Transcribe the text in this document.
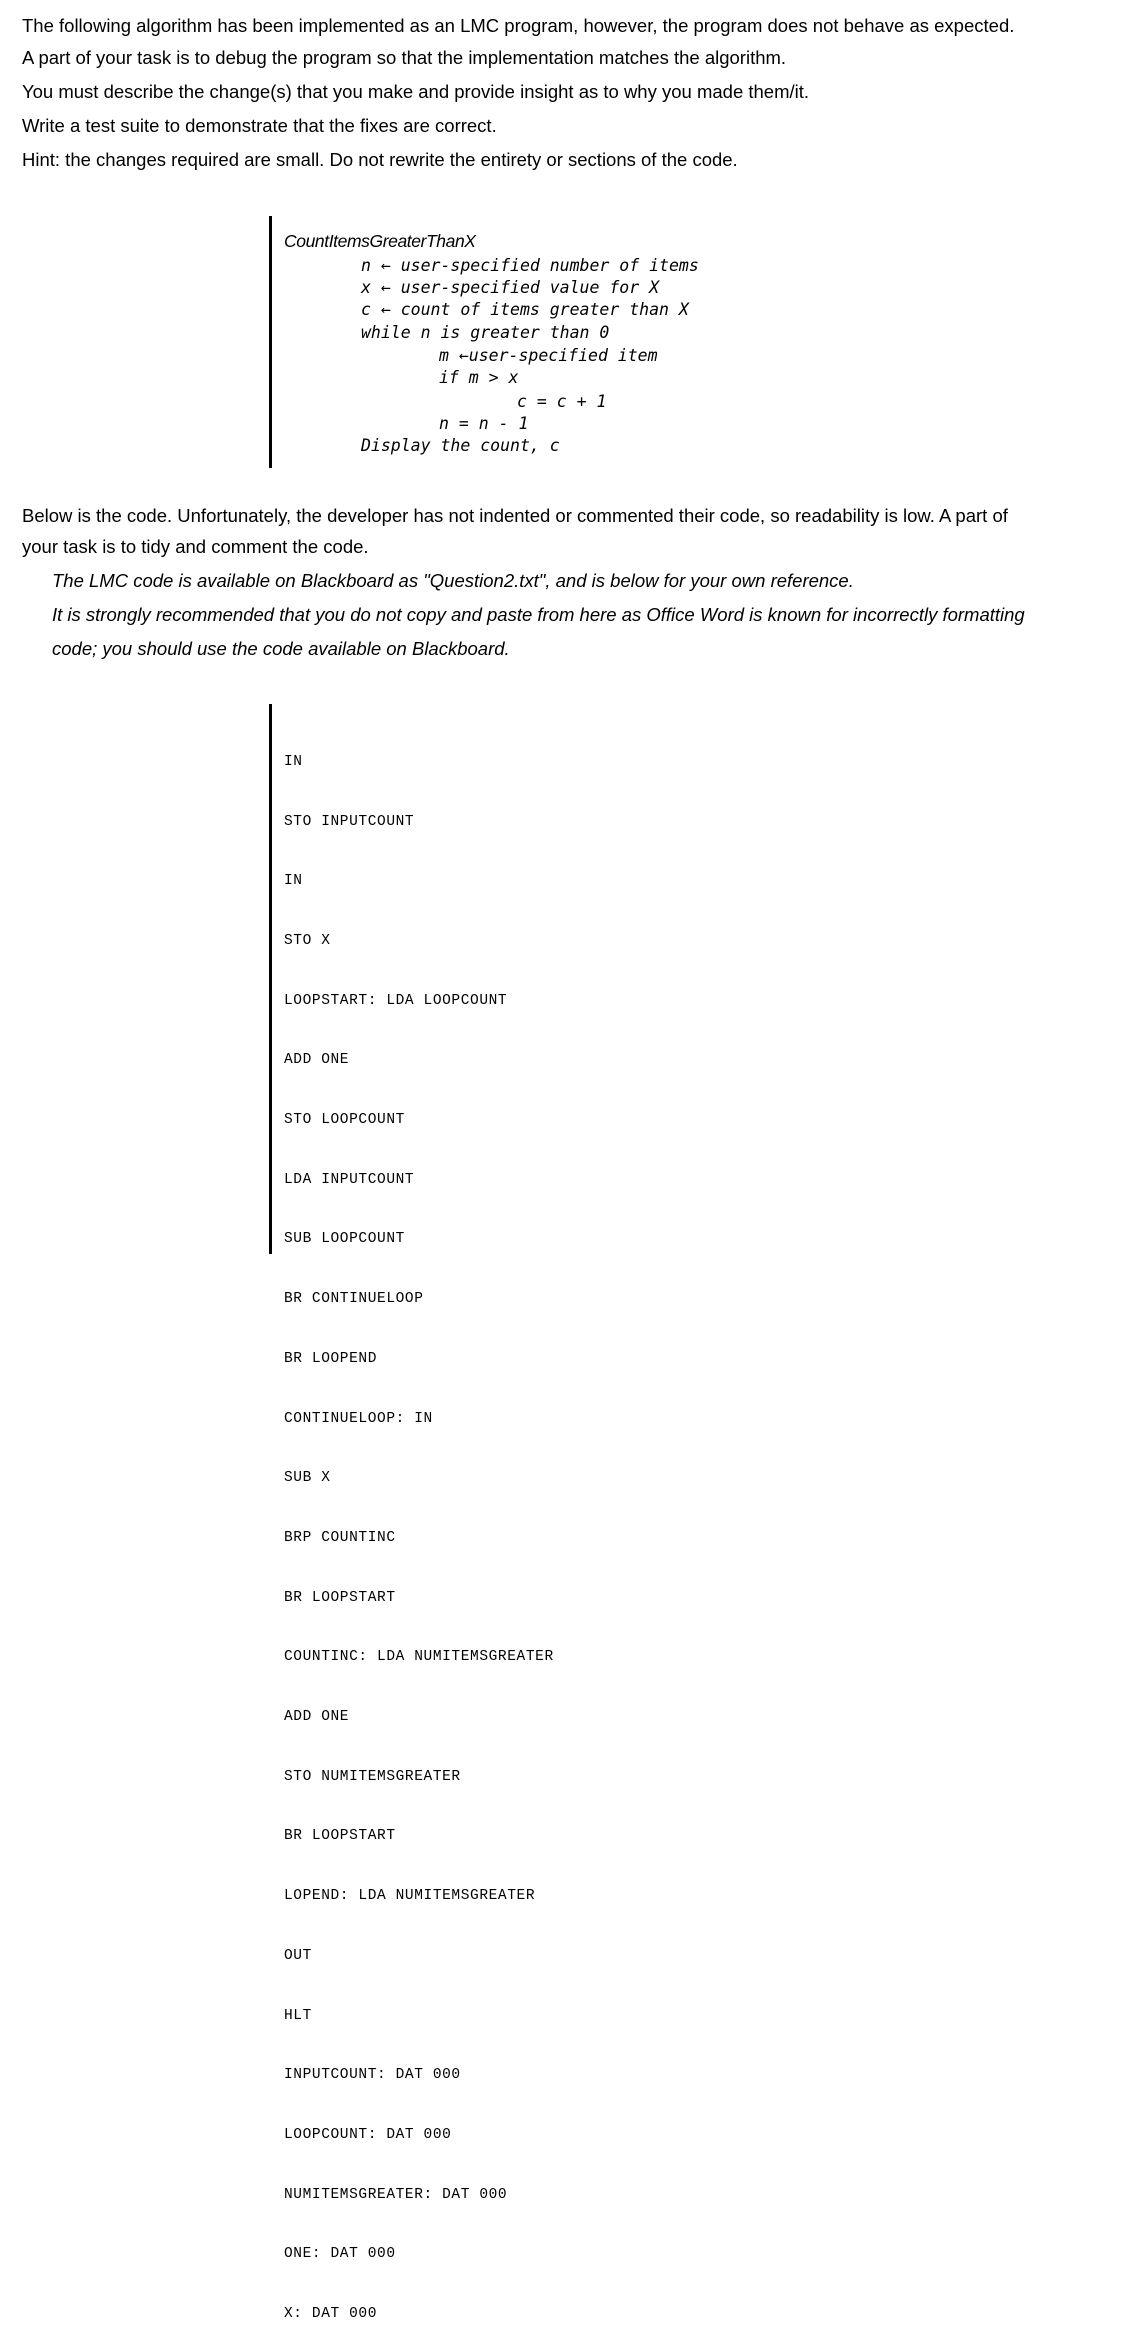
The following algorithm has been implemented as an LMC program, however, the program does not behave as expected.
A part of your task is to debug the program so that the implementation matches the algorithm.
You must describe the change(s) that you make and provide insight as to why you made them/it.
Write a test suite to demonstrate that the fixes are correct.
Hint: the changes required are small. Do not rewrite the entirety or sections of the code.
CountItemsGreaterThanX
n ← user-specified number of items
x ← user-specified value for X
c ← count of items greater than X
while n is greater than 0
m ←user-specified item
if m > x
c = c + 1
n = n - 1
Display the count, c
Below is the code. Unfortunately, the developer has not indented or commented their code, so readability is low. A part of
your task is to tidy and comment the code.
The LMC code is available on Blackboard as "Question2.txt", and is below for your own reference.
It is strongly recommended that you do not copy and paste from here as Office Word is known for incorrectly formatting
code; you should use the code available on Blackboard.

IN

STO INPUTCOUNT

IN

STO X

LOOPSTART: LDA LOOPCOUNT

ADD ONE

STO LOOPCOUNT

LDA INPUTCOUNT

SUB LOOPCOUNT

BR CONTINUELOOP

BR LOOPEND

CONTINUELOOP: IN

SUB X

BRP COUNTINC

BR LOOPSTART

COUNTINC: LDA NUMITEMSGREATER

ADD ONE

STO NUMITEMSGREATER

BR LOOPSTART

LOPEND: LDA NUMITEMSGREATER

OUT

HLT

INPUTCOUNT: DAT 000

LOOPCOUNT: DAT 000

NUMITEMSGREATER: DAT 000

ONE: DAT 000

X: DAT 000
